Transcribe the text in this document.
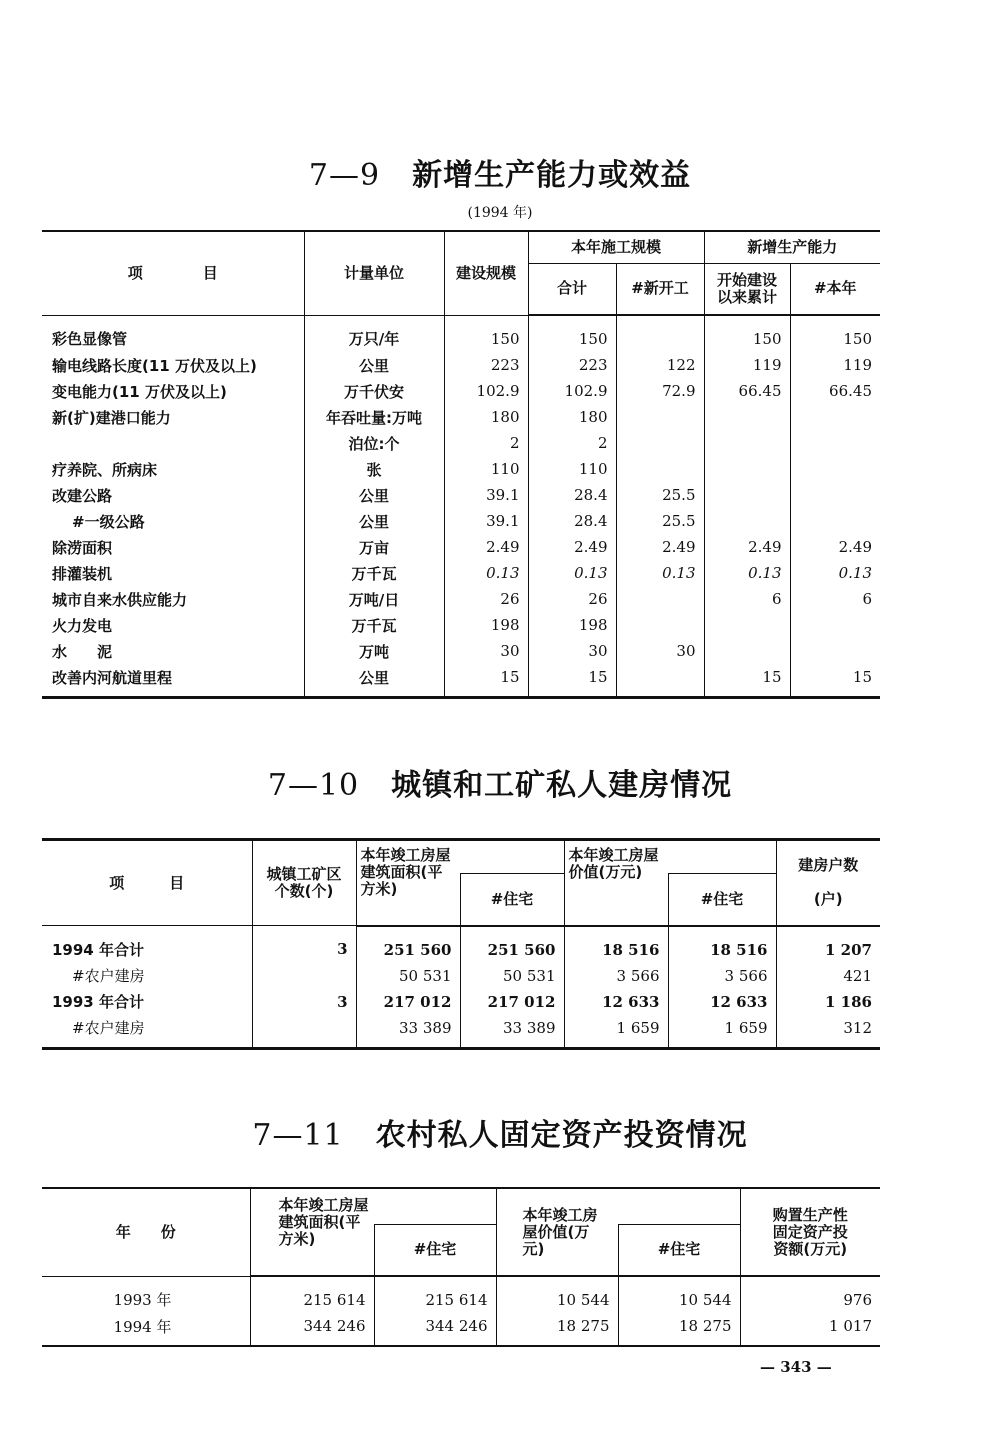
7—9 新增生产能力或效益
(1994 年)
项　　　　目	计量单位	建设规模	本年施工规模		新增生产能力	
			合计	#新开工	开始建设以来累计	#本年
彩色显像管	万只/年	150	150		150	150
输电线路长度(11 万伏及以上)	公里	223	223	122	119	119
变电能力(11 万伏及以上)	万千伏安	102.9	102.9	72.9	66.45	66.45
新(扩)建港口能力	年吞吐量:万吨	180	180			
	泊位:个	2	2			
疗养院、所病床	张	110	110			
改建公路	公里	39.1	28.4	25.5		
#一级公路	公里	39.1	28.4	25.5		
除涝面积	万亩	2.49	2.49	2.49	2.49	2.49
排灌装机	万千瓦	0.13	0.13	0.13	0.13	0.13
城市自来水供应能力	万吨/日	26	26		6	6
火力发电	万千瓦	198	198			
水　　泥	万吨	30	30	30		
改善内河航道里程	公里	15	15		15	15
7—10 城镇和工矿私人建房情况
项　　　目	城镇工矿区个数(个)	本年竣工房屋建筑面积(平方米)		本年竣工房屋价值(万元)		建房户数

(户)
			#住宅		#住宅	
1994 年合计	3	251 560	251 560	18 516	18 516	1 207
#农户建房		50 531	50 531	3 566	3 566	421
1993 年合计	3	217 012	217 012	12 633	12 633	1 186
#农户建房		33 389	33 389	1 659	1 659	312
7—11 农村私人固定资产投资情况
年　　份	本年竣工房屋建筑面积(平方米)		本年竣工房屋价值(万元)		购置生产性固定资产投资额(万元)
		#住宅		#住宅	
1993 年	215 614	215 614	10 544	10 544	976
1994 年	344 246	344 246	18 275	18 275	1 017
— 343 —
